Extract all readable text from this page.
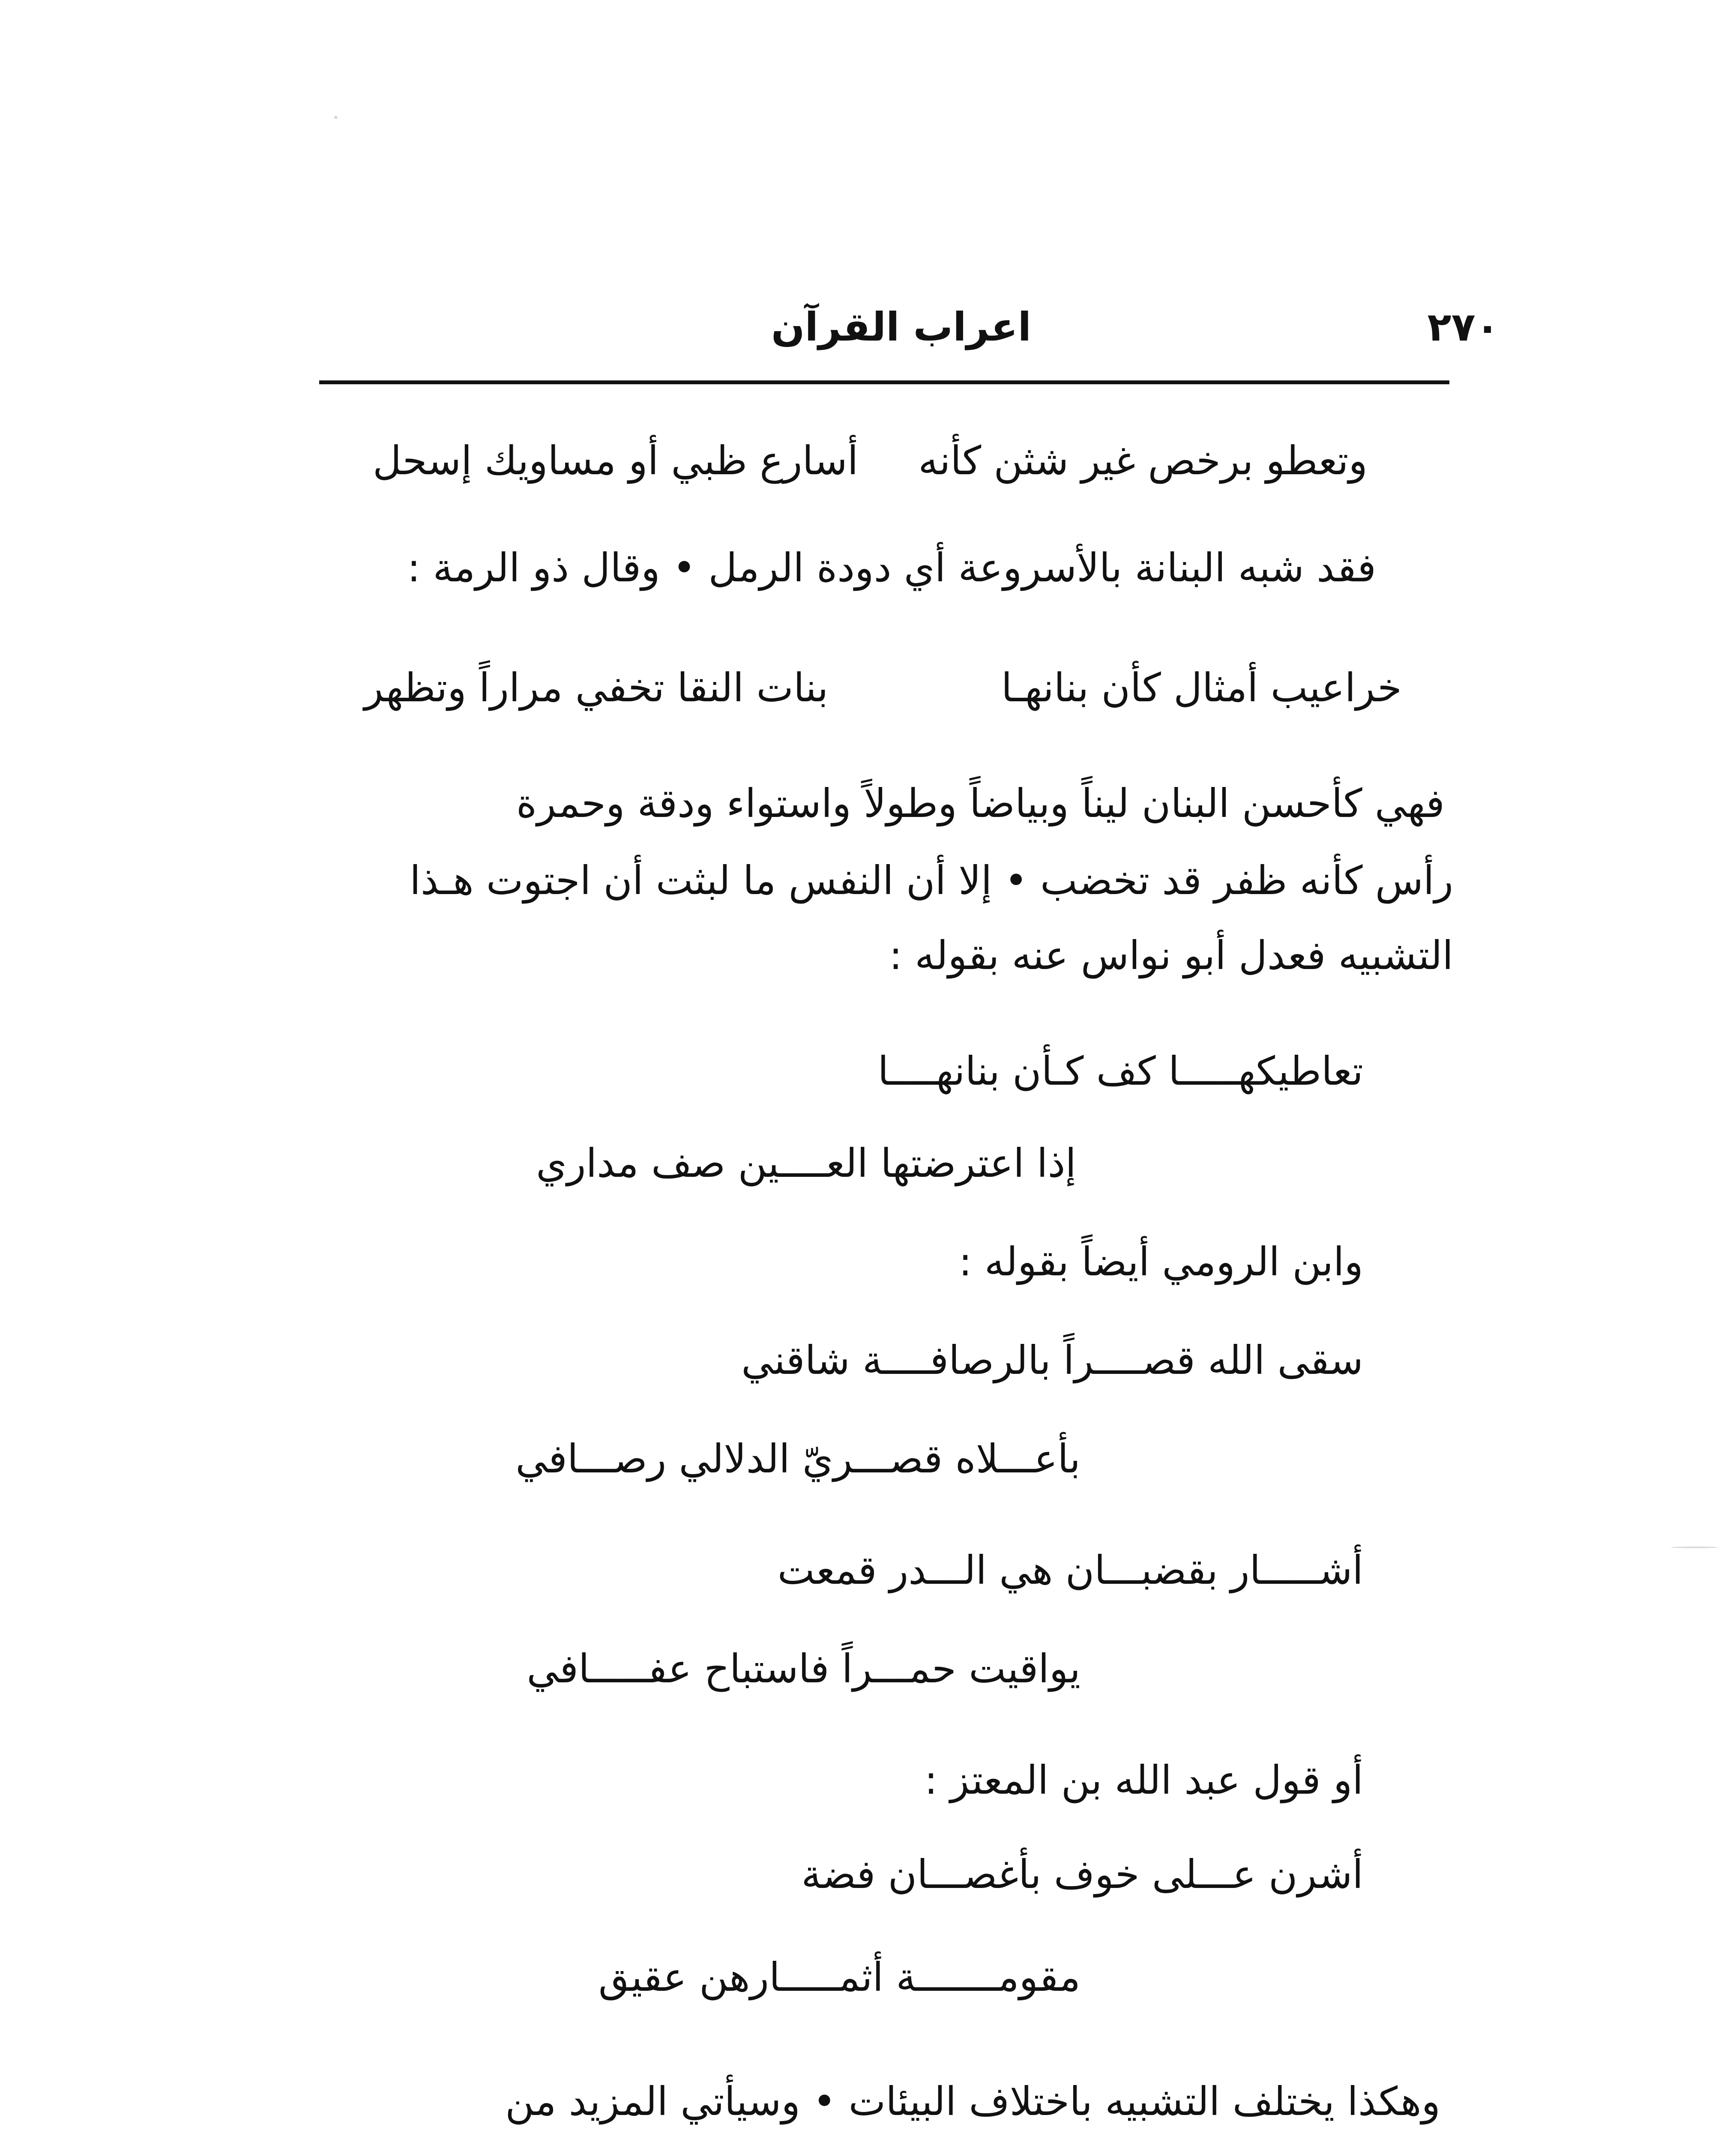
٢٧٠
اعراب القرآن
وتعطو برخص غير شثن كأنه
أسارع ظبي أو مساويك إسحل
فقد شبه البنانة بالأسروعة أي دودة الرمل • وقال ذو الرمة :
خراعيب أمثال كأن بنانهـا
بنات النقا تخفي مراراً وتظهر
فهي كأحسن البنان ليناً وبياضاً وطولاً واستواء ودقة وحمرة
رأس كأنه ظفر قد تخضب • إلا أن النفس ما لبثت أن اجتوت هـذا
التشبيه فعدل أبو نواس عنه بقوله :
تعاطيكهـــــا كف كـأن بنانهــــا
إذا اعترضتها العــــين صف مداري
وابن الرومي أيضاً بقوله :
سقى الله قصــــراً بالرصافــــة شاقني
بأعـــلاه قصـــريّ الدلالي رصـــافي
أشـــــار بقضبـــان هي الـــدر قمعت
يواقيت حمـــراً فاستباح عفـــــافي
أو قول عبد الله بن المعتز :
أشرن عـــلى خوف بأغصـــان فضة
مقومـــــــة أثمـــــارهن عقيق
وهكذا يختلف التشبيه باختلاف البيئات • وسيأتي المزيد من
